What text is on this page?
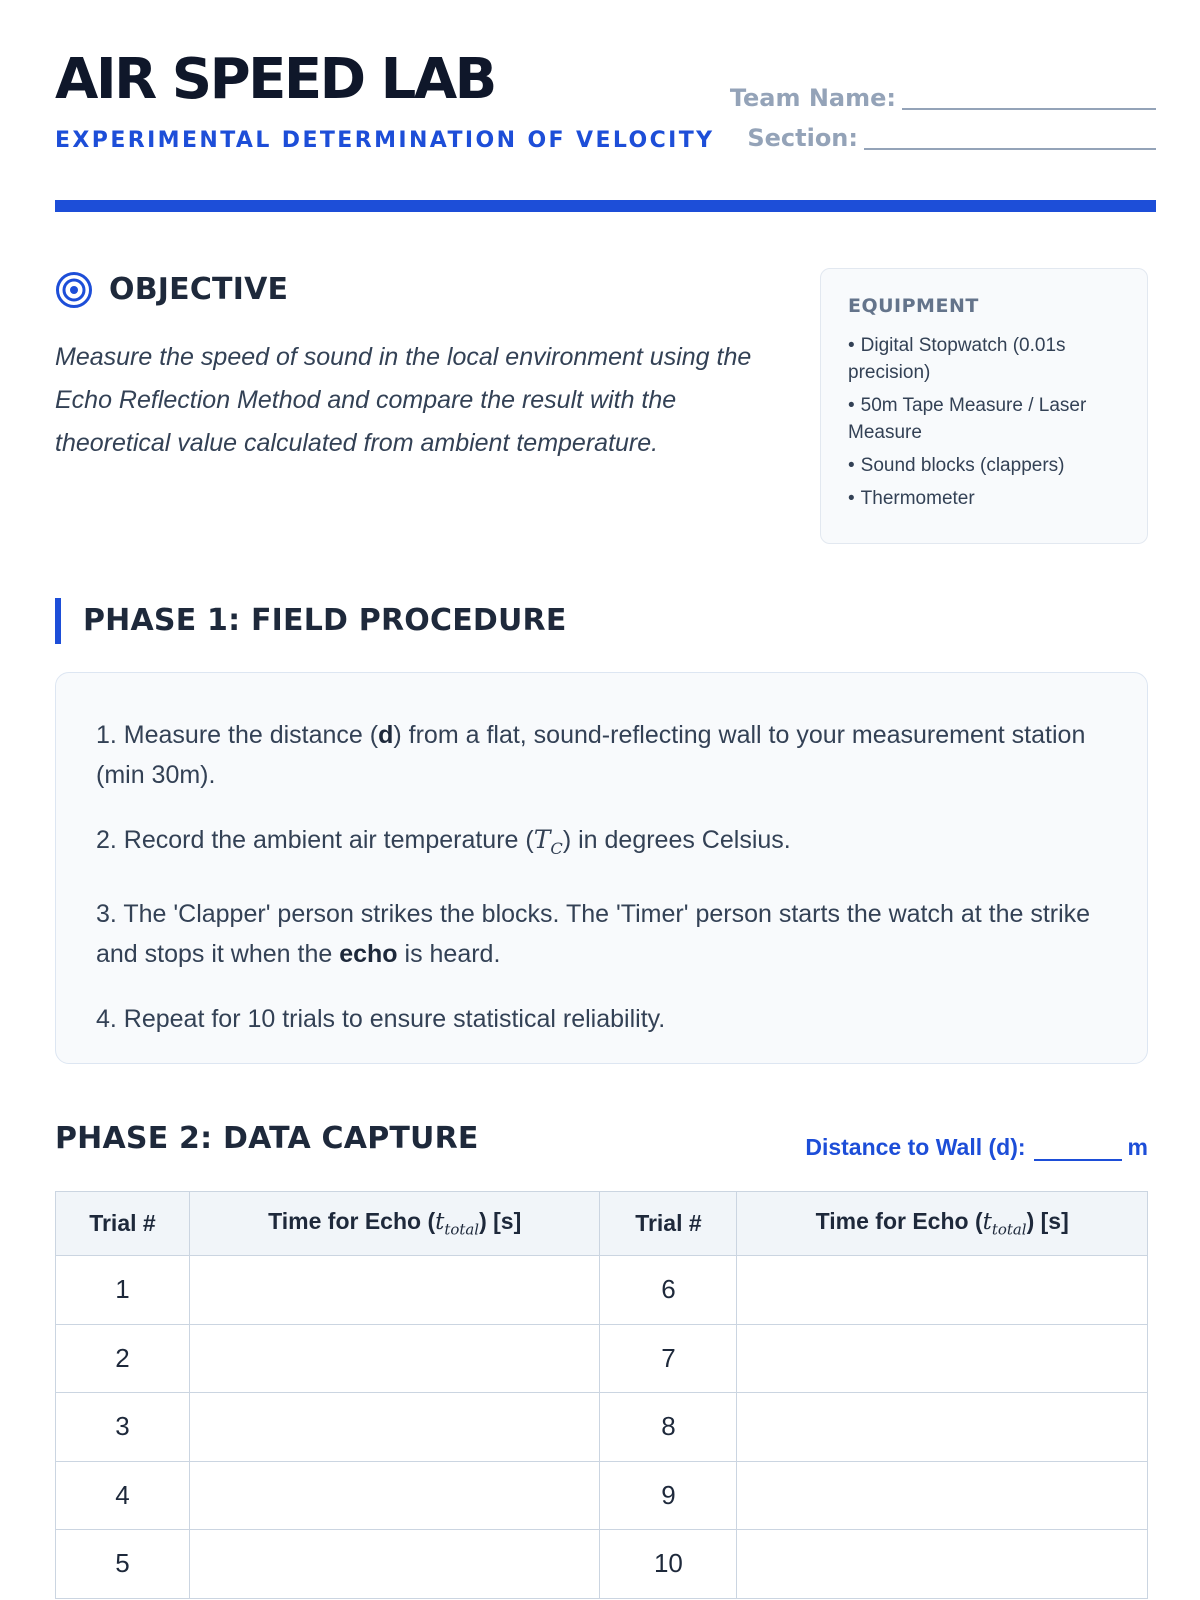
AIR SPEED LAB
EXPERIMENTAL DETERMINATION OF VELOCITY
Team Name:
Section:
OBJECTIVE

Measure the speed of sound in the local environment using the Echo Reflection Method and compare the result with the theoretical value calculated from ambient temperature.

EQUIPMENT
• Digital Stopwatch (0.01s precision)
• 50m Tape Measure / Laser Measure
• Sound blocks (clappers)
• Thermometer
PHASE 1: FIELD PROCEDURE

1. Measure the distance (d) from a flat, sound-reflecting wall to your measurement station (min 30m).

2. Record the ambient air temperature $(T_C)$ in degrees Celsius.

3. The 'Clapper' person strikes the blocks. The 'Timer' person starts the watch at the strike and stops it when the echo is heard.

4. Repeat for 10 trials to ensure statistical reliability.

PHASE 2: DATA CAPTURE	Distance to Wall (d):	m
Trial #	Time for Echo $(t_{total})$ [s]	Trial #	Time for Echo $(t_{total})$ [s]
1		6	
2		7	
3		8	
4		9	
5		10	
